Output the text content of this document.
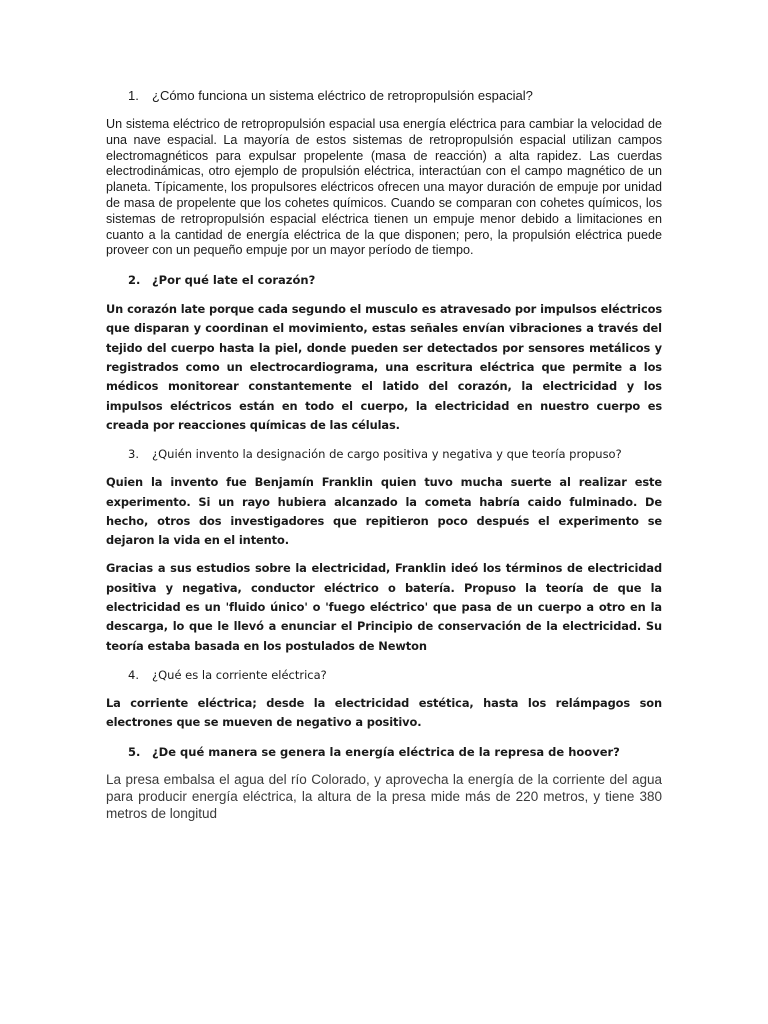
1.	¿Cómo funciona un sistema eléctrico de retropropulsión espacial?

Un sistema eléctrico de retropropulsión espacial usa energía eléctrica para cambiar la velocidad de una nave espacial. La mayoría de estos sistemas de retropropulsión espacial utilizan campos electromagnéticos para expulsar propelente (masa de reacción) a alta rapidez. Las cuerdas electrodinámicas, otro ejemplo de propulsión eléctrica, interactúan con el campo magnético de un planeta. Típicamente, los propulsores eléctricos ofrecen una mayor duración de empuje por unidad de masa de propelente que los cohetes químicos. Cuando se comparan con cohetes químicos, los sistemas de retropropulsión espacial eléctrica tienen un empuje menor debido a limitaciones en cuanto a la cantidad de energía eléctrica de la que disponen; pero, la propulsión eléctrica puede proveer con un pequeño empuje por un mayor período de tiempo.

2.	¿Por qué late el corazón?

Un corazón late porque cada segundo el musculo es atravesado por impulsos eléctricos que disparan y coordinan el movimiento, estas señales envían vibraciones a través del tejido del cuerpo hasta la piel, donde pueden ser detectados por sensores metálicos y registrados como un electrocardiograma, una escritura eléctrica que permite a los médicos monitorear constantemente el latido del corazón, la electricidad y los impulsos eléctricos están en todo el cuerpo, la electricidad en nuestro cuerpo es creada por reacciones químicas de las células.

3.	¿Quién invento la designación de cargo positiva y negativa y que teoría propuso?

Quien la invento fue Benjamín Franklin quien tuvo mucha suerte al realizar este experimento. Si un rayo hubiera alcanzado la cometa habría caido fulminado. De hecho, otros dos investigadores que repitieron poco después el experimento se dejaron la vida en el intento.

Gracias a sus estudios sobre la electricidad, Franklin ideó los términos de electricidad positiva y negativa, conductor eléctrico o batería. Propuso la teoría de que la electricidad es un 'fluido único' o 'fuego eléctrico' que pasa de un cuerpo a otro en la descarga, lo que le llevó a enunciar el Principio de conservación de la electricidad. Su teoría estaba basada en los postulados de Newton

4.	¿Qué es la corriente eléctrica?

La corriente eléctrica; desde la electricidad estética, hasta los relámpagos son electrones que se mueven de negativo a positivo.

5.	¿De qué manera se genera la energía eléctrica de la represa de hoover?

La presa embalsa el agua del río Colorado, y aprovecha la energía de la corriente del agua para producir energía eléctrica, la altura de la presa mide más de 220 metros, y tiene 380 metros de longitud
